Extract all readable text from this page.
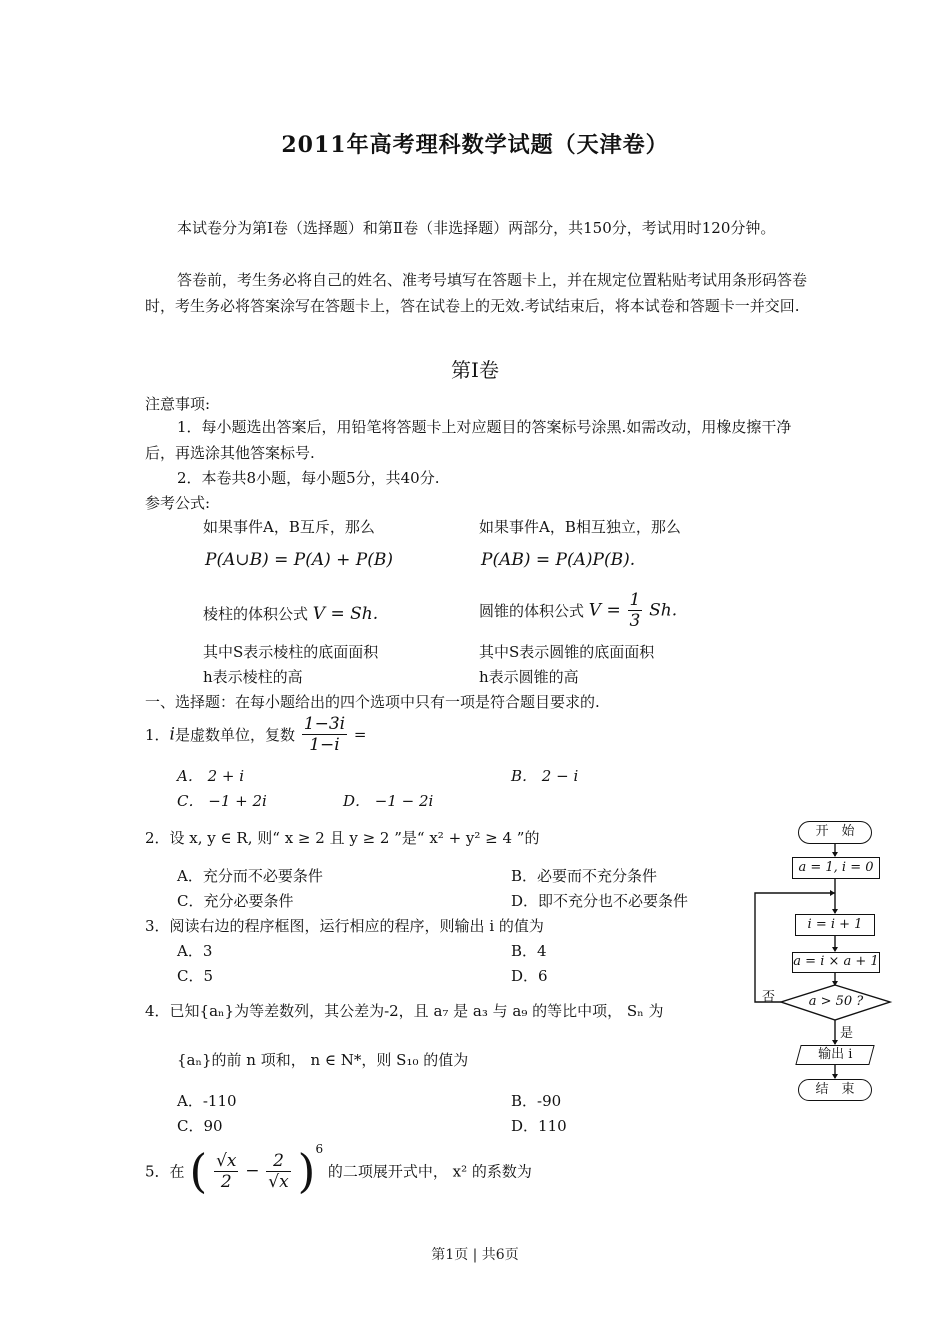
2011年高考理科数学试题（天津卷）
本试卷分为第Ⅰ卷（选择题）和第Ⅱ卷（非选择题）两部分，共150分，考试用时120分钟。
答卷前，考生务必将自己的姓名、准考号填写在答题卡上，并在规定位置粘贴考试用条形码答卷时，考生务必将答案涂写在答题卡上，答在试卷上的无效.考试结束后，将本试卷和答题卡一并交回.
第Ⅰ卷
注意事项:
1．每小题选出答案后，用铅笔将答题卡上对应题目的答案标号涂黑.如需改动，用橡皮擦干净后，再选涂其他答案标号.
2．本卷共8小题，每小题5分，共40分.
参考公式:
如果事件A，B互斥，那么	如果事件A，B相互独立，那么
P(A∪B) = P(A) + P(B)	P(AB) = P(A)P(B).
棱柱的体积公式 V = Sh.	圆锥的体积公式 $V = \frac{1}{3} Sh$.
其中S表示棱柱的底面面积	其中S表示圆锥的底面面积
h表示棱柱的高	h表示圆锥的高
一、选择题：在每小题给出的四个选项中只有一项是符合题目要求的.
1．i是虚数单位，复数 $\frac{1-3i}{1-i}$ =
A． 2 + i	B． 2 − i
C． −1 + 2i	D． −1 − 2i
2．设 x, y ∈ R, 则“ x ≥ 2 且 y ≥ 2 ”是“ x² + y² ≥ 4 ”的
A．充分而不必要条件	B．必要而不充分条件
C．充分必要条件	D．即不充分也不必要条件
3．阅读右边的程序框图，运行相应的程序，则输出 i 的值为
A．3	B．4
C．5	D．6
4．已知{aₙ}为等差数列，其公差为-2，且 a₇ 是 a₃ 与 a₉ 的等比中项， Sₙ 为
{aₙ}的前 n 项和， n ∈ N*，则 S₁₀ 的值为
A．-110	B．-90
C．90	D．110
5．在 ( $\frac{√x}{2} - \frac{2}{√x} )^6$ 的二项展开式中， x² 的系数为
开　始
a = 1, i = 0
i = i + 1
a = i × a + 1
a > 50 ?
否
是
输出 i
结　束
第1页 | 共6页
